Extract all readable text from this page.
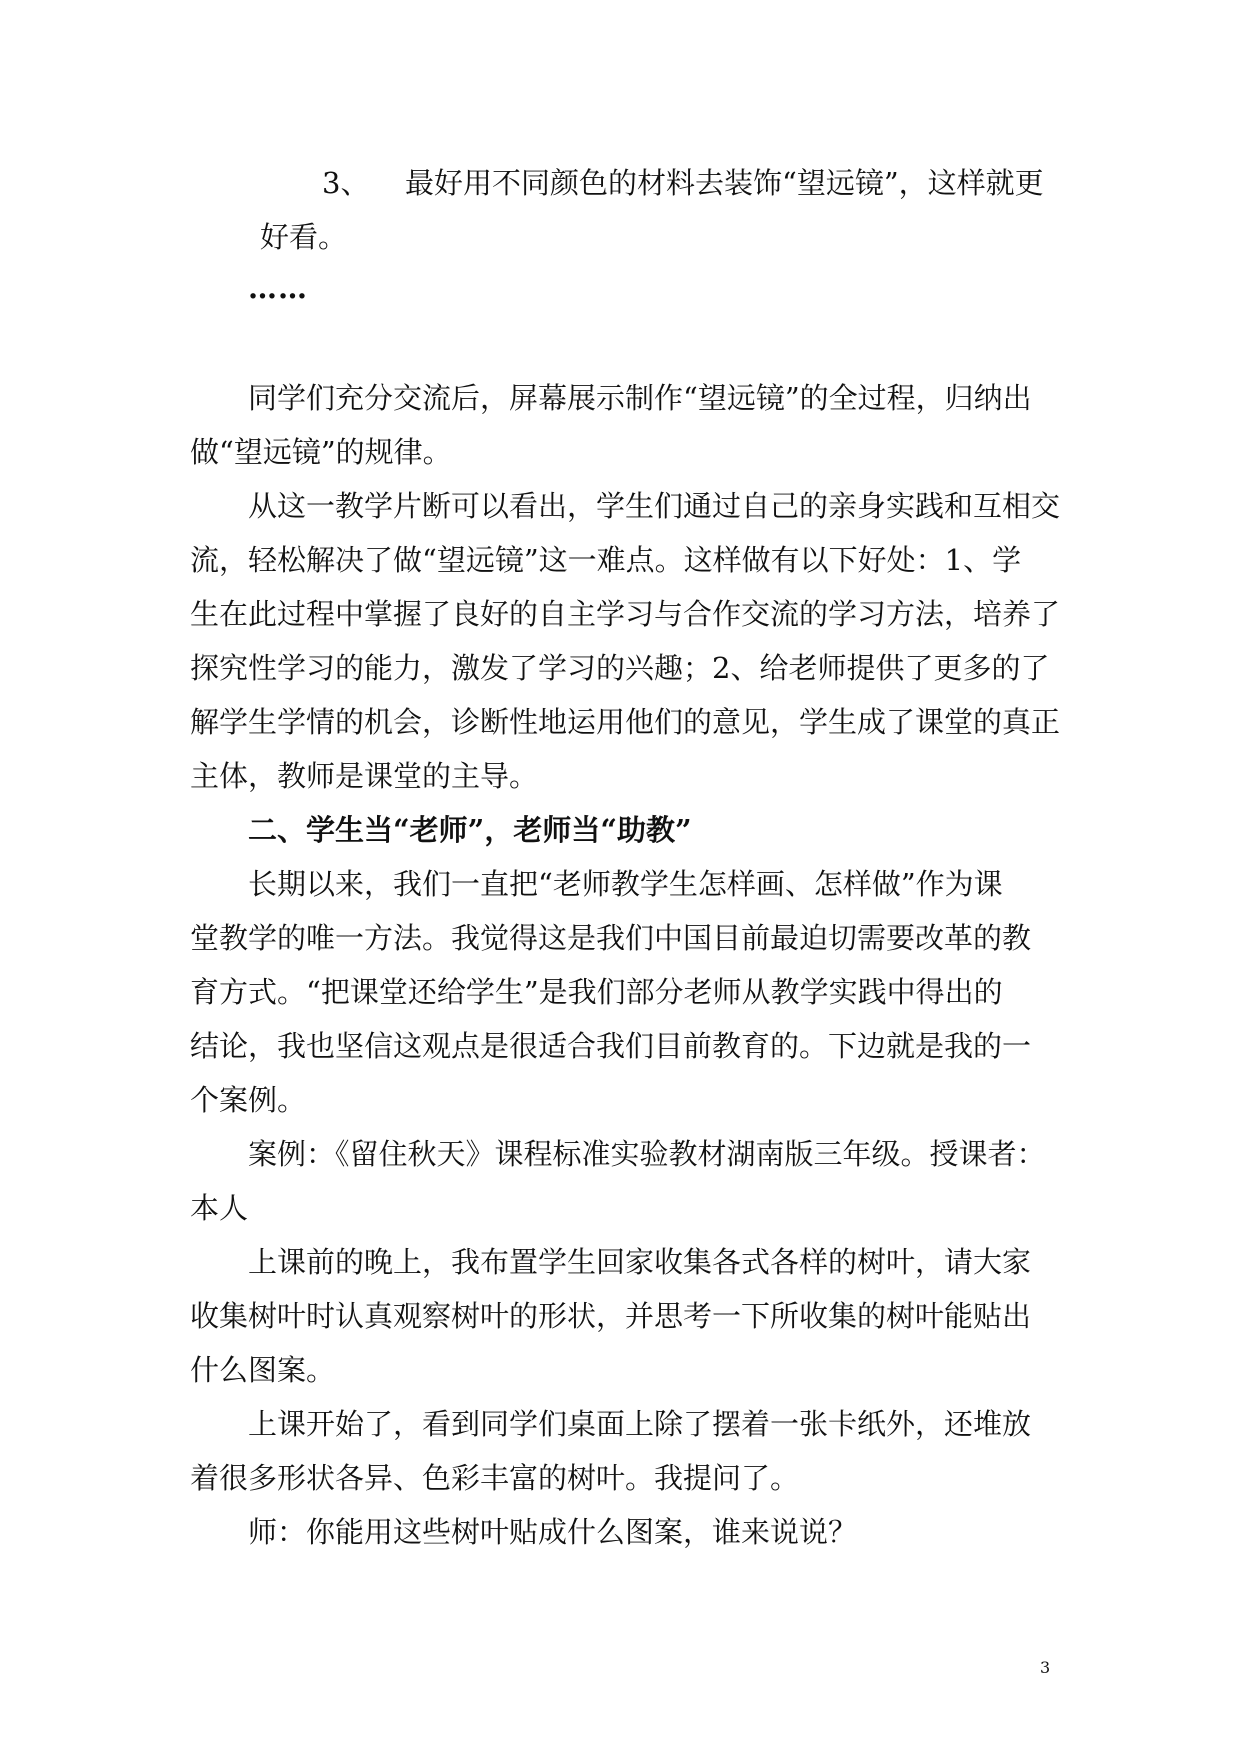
3、 最好用不同颜色的材料去装饰“望远镜”，这样就更
好看。
……
同学们充分交流后，屏幕展示制作“望远镜”的全过程，归纳出
做“望远镜”的规律。
从这一教学片断可以看出，学生们通过自己的亲身实践和互相交
流，轻松解决了做“望远镜”这一难点。这样做有以下好处：1、学
生在此过程中掌握了良好的自主学习与合作交流的学习方法，培养了
探究性学习的能力，激发了学习的兴趣；2、给老师提供了更多的了
解学生学情的机会，诊断性地运用他们的意见，学生成了课堂的真正
主体，教师是课堂的主导。
二、学生当“老师”，老师当“助教”
长期以来，我们一直把“老师教学生怎样画、怎样做”作为课
堂教学的唯一方法。我觉得这是我们中国目前最迫切需要改革的教
育方式。“把课堂还给学生”是我们部分老师从教学实践中得出的
结论，我也坚信这观点是很适合我们目前教育的。下边就是我的一
个案例。
案例：《留住秋天》课程标准实验教材湖南版三年级。授课者：
本人
上课前的晚上，我布置学生回家收集各式各样的树叶，请大家
收集树叶时认真观察树叶的形状，并思考一下所收集的树叶能贴出
什么图案。
上课开始了，看到同学们桌面上除了摆着一张卡纸外，还堆放
着很多形状各异、色彩丰富的树叶。我提问了。
师：你能用这些树叶贴成什么图案，谁来说说？
3
